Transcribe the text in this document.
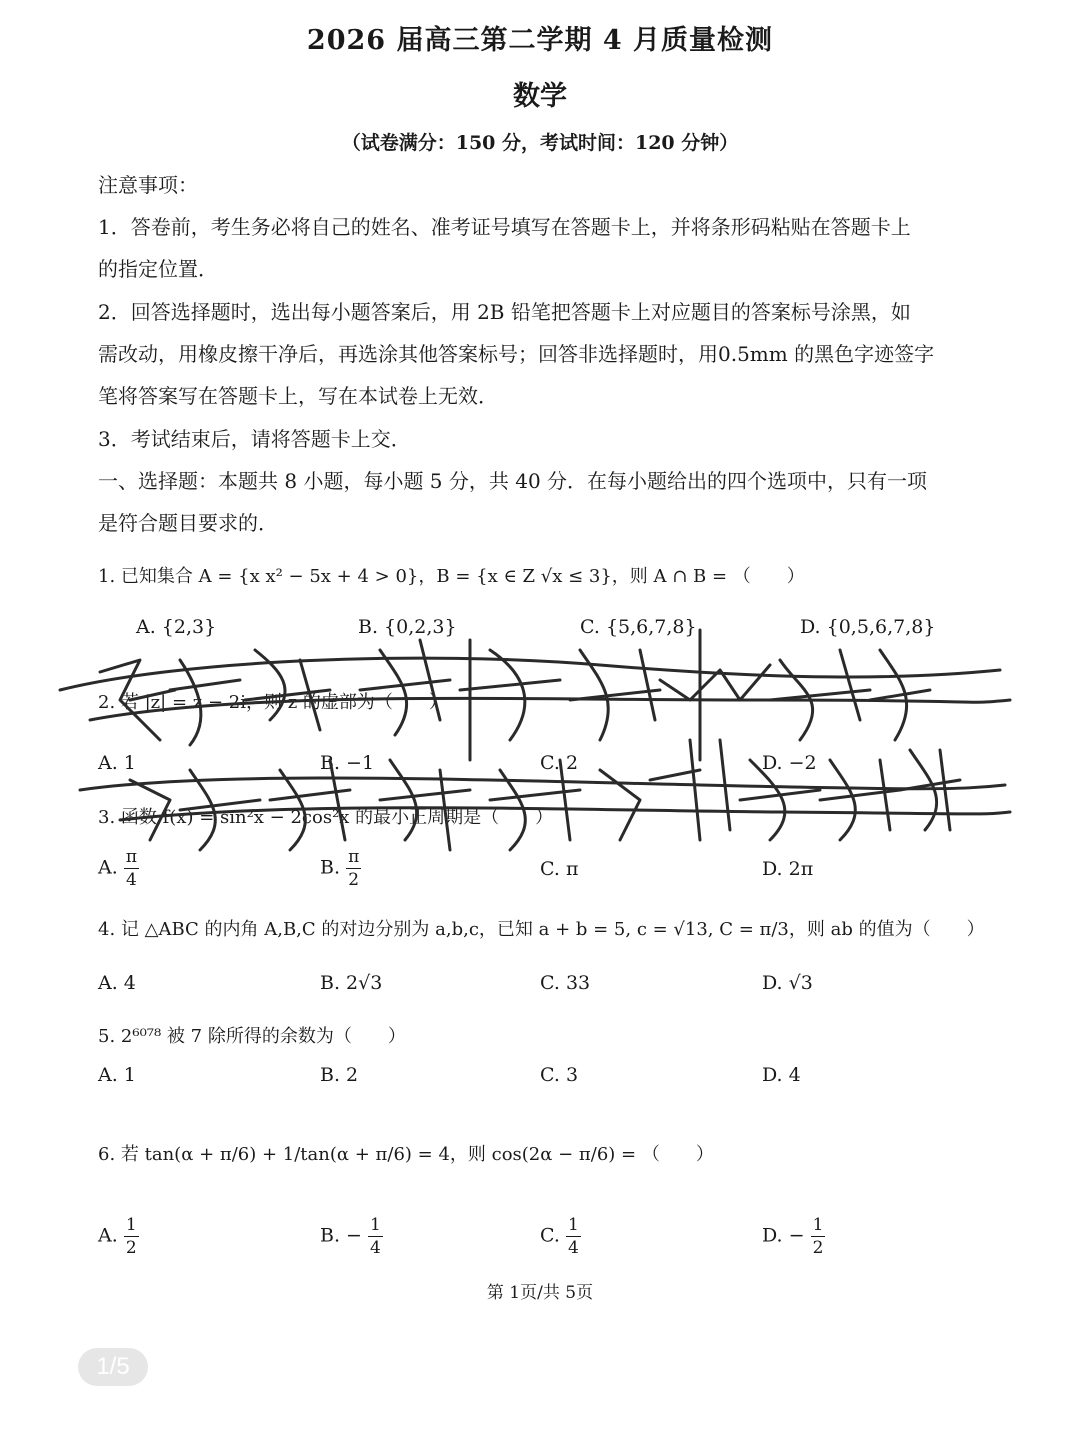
2026 届高三第二学期 4 月质量检测
数学
（试卷满分：150 分，考试时间：120 分钟）
注意事项：
1．答卷前，考生务必将自己的姓名、准考证号填写在答题卡上，并将条形码粘贴在答题卡上
的指定位置．
2．回答选择题时，选出每小题答案后，用 2B 铅笔把答题卡上对应题目的答案标号涂黑，如
需改动，用橡皮擦干净后，再选涂其他答案标号；回答非选择题时，用0.5mm 的黑色字迹签字
笔将答案写在答题卡上，写在本试卷上无效．
3．考试结束后，请将答题卡上交．
一、选择题：本题共 8 小题，每小题 5 分，共 40 分．在每小题给出的四个选项中，只有一项
是符合题目要求的．
1. 已知集合 A = {x x² − 5x + 4 > 0}，B = {x ∈ Z √x ≤ 3}，则 A ∩ B = （　　）
A. {2,3}	B. {0,2,3}	C. {5,6,7,8}	D. {0,5,6,7,8}
2. 若 |z| = z − 2i，则 z 的虚部为（　　）
A. 1	B. −1	C. 2	D. −2
3. 函数 f(x) = sin²x − 2cos²x 的最小正周期是（　　）
A. $\frac{\pi}{4}$	B. $\frac{\pi}{2}$	C. π	D. 2π
4. 记 △ABC 的内角 A,B,C 的对边分别为 a,b,c，已知 a + b = 5, c = √13, C = π/3，则 ab 的值为（　　）
A. 4	B. 2√3	C. 33	D. √3
5. 2⁶⁰⁷⁸ 被 7 除所得的余数为（　　）
A. 1	B. 2	C. 3	D. 4
6. 若 tan(α + π/6) + 1/tan(α + π/6) = 4，则 cos(2α − π/6) = （　　）
A. $\frac{1}{2}$	B. − $\frac{1}{4}$	C. $\frac{1}{4}$	D. − $\frac{1}{2}$
第 1页/共 5页
1/5
